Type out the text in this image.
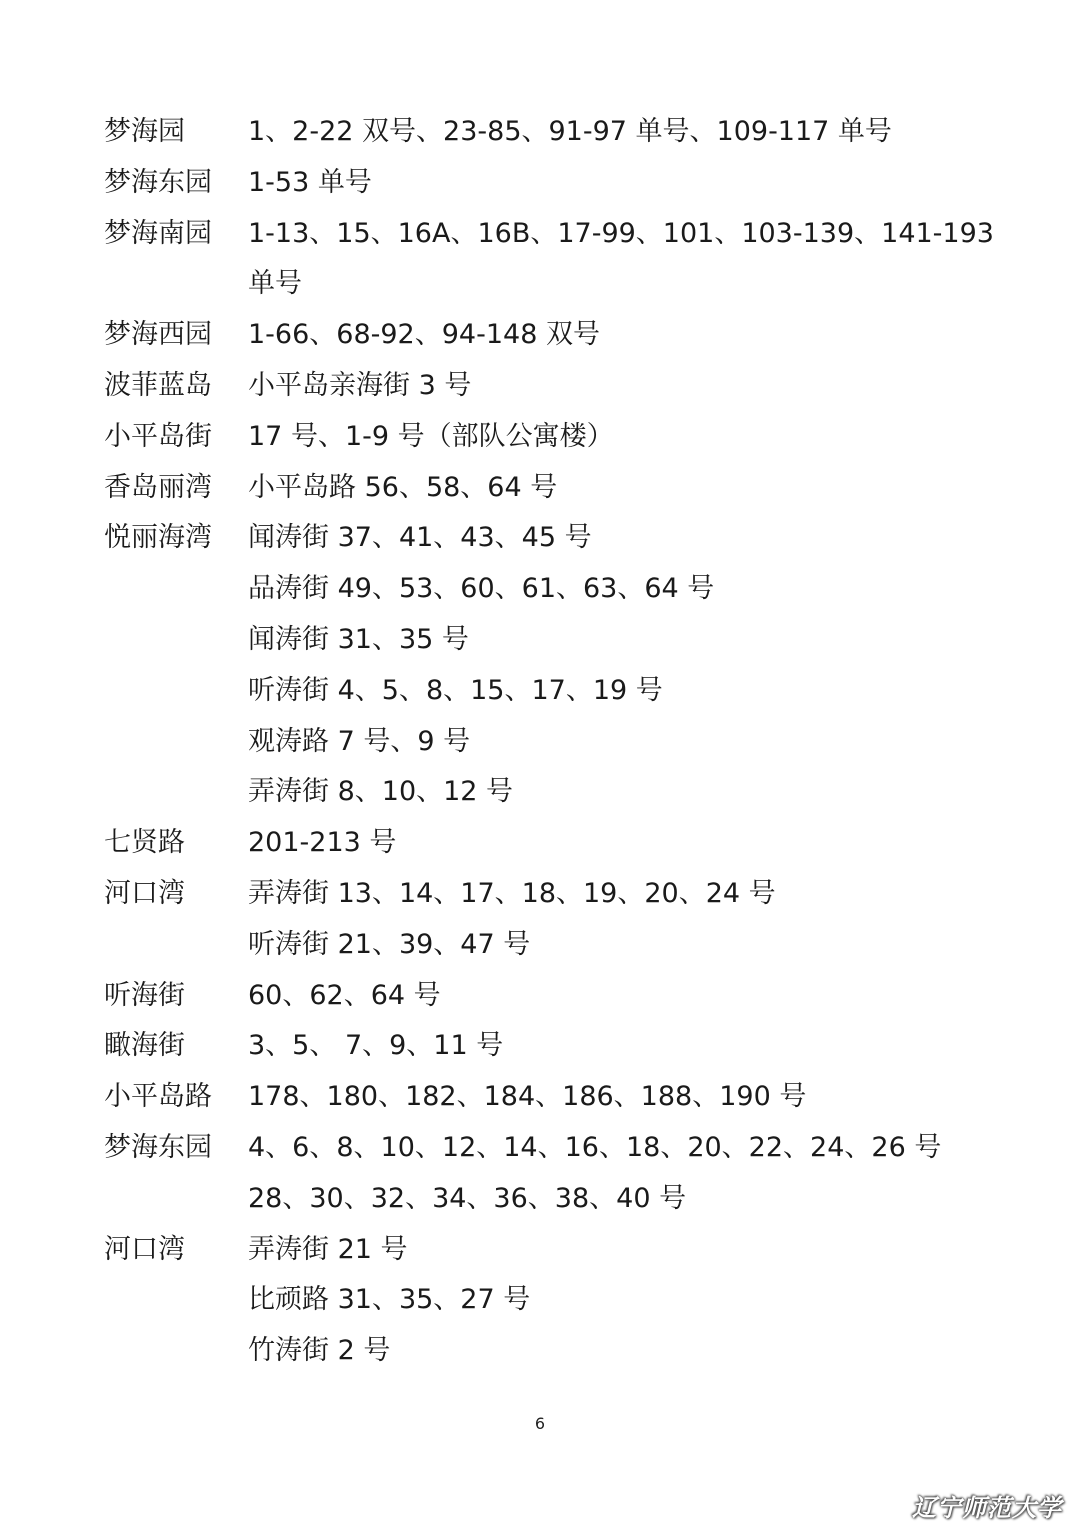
梦海园	1、2-22 双号、23-85、91-97 单号、109-117 单号
梦海东园	1-53 单号
梦海南园	1-13、15、16A、16B、17-99、101、103-139、141-193
单号
梦海西园	1-66、68-92、94-148 双号
波菲蓝岛	小平岛亲海街 3 号
小平岛街	17 号、1-9 号（部队公寓楼）
香岛丽湾	小平岛路 56、58、64 号
悦丽海湾	闻涛街 37、41、43、45 号
品涛街 49、53、60、61、63、64 号
闻涛街 31、35 号
听涛街 4、5、8、15、17、19 号
观涛路 7 号、9 号
弄涛街 8、10、12 号
七贤路	201-213 号
河口湾	弄涛街 13、14、17、18、19、20、24 号
听涛街 21、39、47 号
听海街	60、62、64 号
瞰海街	3、5、 7、9、11 号
小平岛路	178、180、182、184、186、188、190 号
梦海东园	4、6、8、10、12、14、16、18、20、22、24、26 号
28、30、32、34、36、38、40 号
河口湾	弄涛街 21 号
比顽路 31、35、27 号
竹涛街 2 号
6
辽宁师范大学
